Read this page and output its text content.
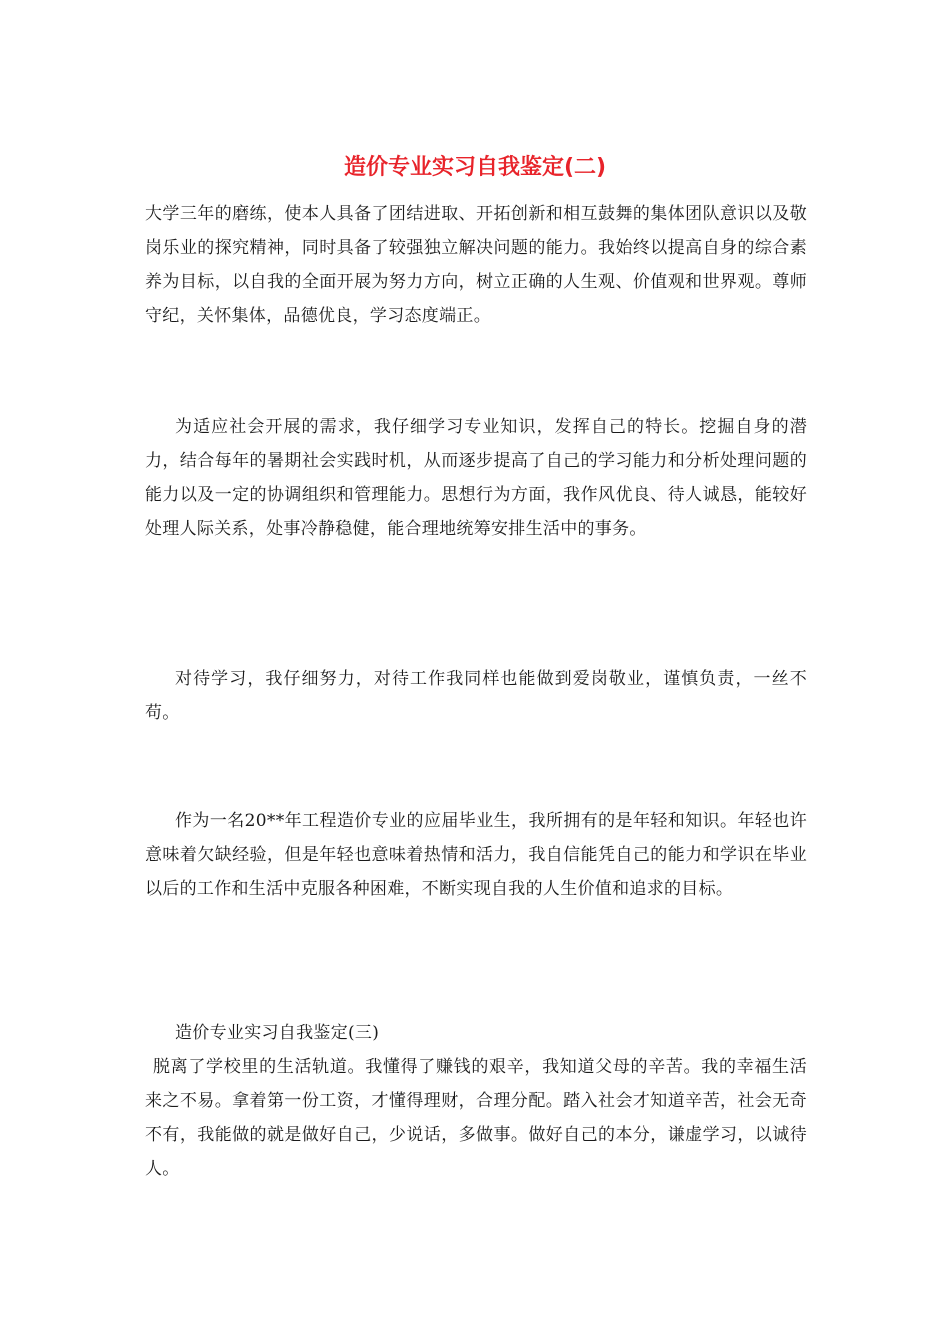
造价专业实习自我鉴定(二)

大学三年的磨练，使本人具备了团结进取、开拓创新和相互鼓舞的集体团队意识以及敬岗乐业的探究精神，同时具备了较强独立解决问题的能力。我始终以提高自身的综合素养为目标，以自我的全面开展为努力方向，树立正确的人生观、价值观和世界观。尊师守纪，关怀集体，品德优良，学习态度端正。

为适应社会开展的需求，我仔细学习专业知识，发挥自己的特长。挖掘自身的潜力，结合每年的暑期社会实践时机，从而逐步提高了自己的学习能力和分析处理问题的能力以及一定的协调组织和管理能力。思想行为方面，我作风优良、待人诚恳，能较好处理人际关系，处事冷静稳健，能合理地统筹安排生活中的事务。

对待学习，我仔细努力，对待工作我同样也能做到爱岗敬业，谨慎负责，一丝不苟。

作为一名20**年工程造价专业的应届毕业生，我所拥有的是年轻和知识。年轻也许意味着欠缺经验，但是年轻也意味着热情和活力，我自信能凭自己的能力和学识在毕业以后的工作和生活中克服各种困难，不断实现自我的人生价值和追求的目标。

造价专业实习自我鉴定(三)

脱离了学校里的生活轨道。我懂得了赚钱的艰辛，我知道父母的辛苦。我的幸福生活来之不易。拿着第一份工资，才懂得理财，合理分配。踏入社会才知道辛苦，社会无奇不有，我能做的就是做好自己，少说话，多做事。做好自己的本分，谦虚学习，以诚待人。
